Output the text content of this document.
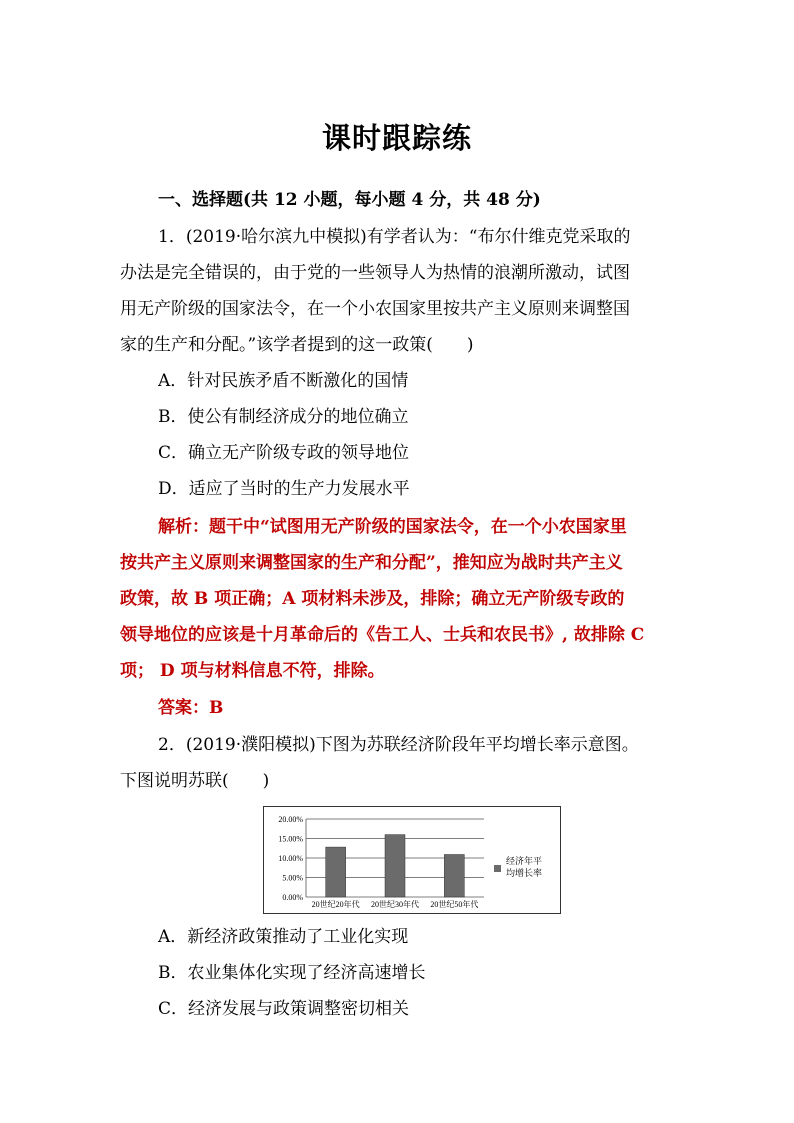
课时跟踪练
一、选择题(共 12 小题，每小题 4 分，共 48 分)
1．(2019·哈尔滨九中模拟)有学者认为：“布尔什维克党采取的
办法是完全错误的，由于党的一些领导人为热情的浪潮所激动，试图
用无产阶级的国家法令，在一个小农国家里按共产主义原则来调整国
家的生产和分配。”该学者提到的这一政策(　　)
A．针对民族矛盾不断激化的国情
B．使公有制经济成分的地位确立
C．确立无产阶级专政的领导地位
D．适应了当时的生产力发展水平
解析：题干中“试图用无产阶级的国家法令，在一个小农国家里
按共产主义原则来调整国家的生产和分配”，推知应为战时共产主义
政策，故 B 项正确；A 项材料未涉及，排除；确立无产阶级专政的
领导地位的应该是十月革命后的《告工人、士兵和农民书》, 故排除 C
项； D 项与材料信息不符，排除。
答案：B
2．(2019·濮阳模拟)下图为苏联经济阶段年平均增长率示意图。
下图说明苏联(　　)
0.00%
5.00%
10.00%
15.00%
20.00%
20世纪20年代 20世纪30年代 20世纪50年代
经济年平
均增长率
A．新经济政策推动了工业化实现
B．农业集体化实现了经济高速增长
C．经济发展与政策调整密切相关
